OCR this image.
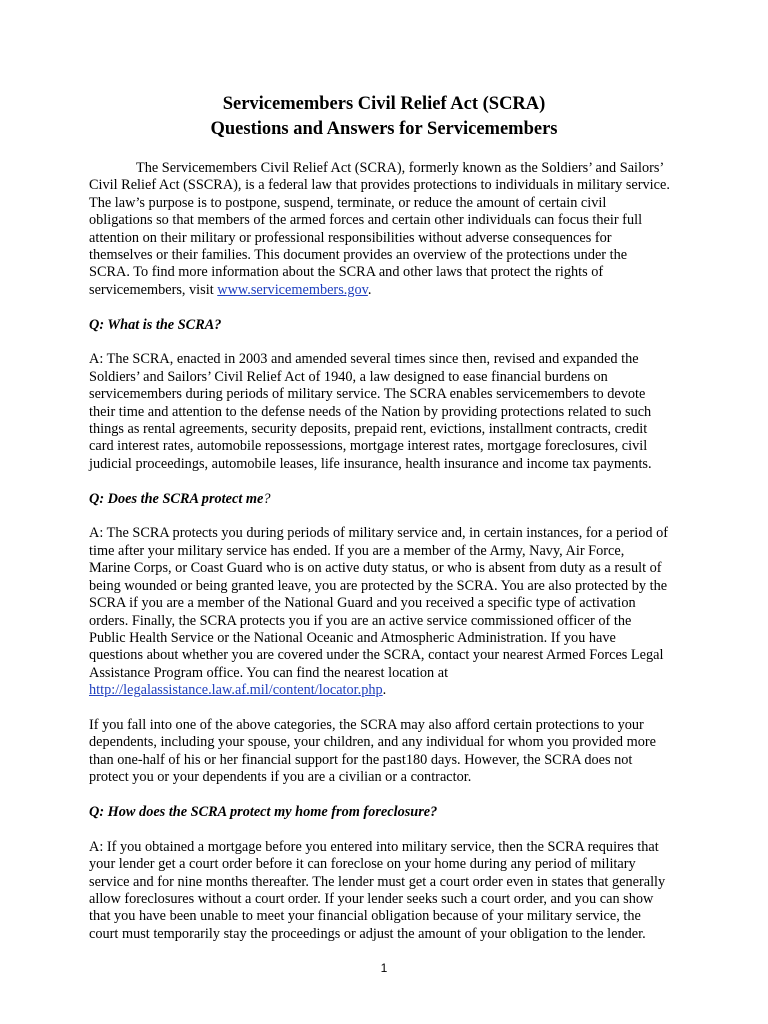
Servicemembers Civil Relief Act (SCRA)
Questions and Answers for Servicemembers

The Servicemembers Civil Relief Act (SCRA), formerly known as the Soldiers’ and Sailors’
Civil Relief Act (SSCRA), is a federal law that provides protections to individuals in military service.
The law’s purpose is to postpone, suspend, terminate, or reduce the amount of certain civil
obligations so that members of the armed forces and certain other individuals can focus their full
attention on their military or professional responsibilities without adverse consequences for
themselves or their families. This document provides an overview of the protections under the
SCRA. To find more information about the SCRA and other laws that protect the rights of
servicemembers, visit www.servicemembers.gov.

Q: What is the SCRA?

A: The SCRA, enacted in 2003 and amended several times since then, revised and expanded the
Soldiers’ and Sailors’ Civil Relief Act of 1940, a law designed to ease financial burdens on
servicemembers during periods of military service. The SCRA enables servicemembers to devote
their time and attention to the defense needs of the Nation by providing protections related to such
things as rental agreements, security deposits, prepaid rent, evictions, installment contracts, credit
card interest rates, automobile repossessions, mortgage interest rates, mortgage foreclosures, civil
judicial proceedings, automobile leases, life insurance, health insurance and income tax payments.

Q: Does the SCRA protect me?

A: The SCRA protects you during periods of military service and, in certain instances, for a period of
time after your military service has ended. If you are a member of the Army, Navy, Air Force,
Marine Corps, or Coast Guard who is on active duty status, or who is absent from duty as a result of
being wounded or being granted leave, you are protected by the SCRA. You are also protected by the
SCRA if you are a member of the National Guard and you received a specific type of activation
orders. Finally, the SCRA protects you if you are an active service commissioned officer of the
Public Health Service or the National Oceanic and Atmospheric Administration. If you have
questions about whether you are covered under the SCRA, contact your nearest Armed Forces Legal
Assistance Program office. You can find the nearest location at
http://legalassistance.law.af.mil/content/locator.php.

If you fall into one of the above categories, the SCRA may also afford certain protections to your
dependents, including your spouse, your children, and any individual for whom you provided more
than one-half of his or her financial support for the past180 days. However, the SCRA does not
protect you or your dependents if you are a civilian or a contractor.

Q: How does the SCRA protect my home from foreclosure?

A: If you obtained a mortgage before you entered into military service, then the SCRA requires that
your lender get a court order before it can foreclose on your home during any period of military
service and for nine months thereafter. The lender must get a court order even in states that generally
allow foreclosures without a court order. If your lender seeks such a court order, and you can show
that you have been unable to meet your financial obligation because of your military service, the
court must temporarily stay the proceedings or adjust the amount of your obligation to the lender.

1
